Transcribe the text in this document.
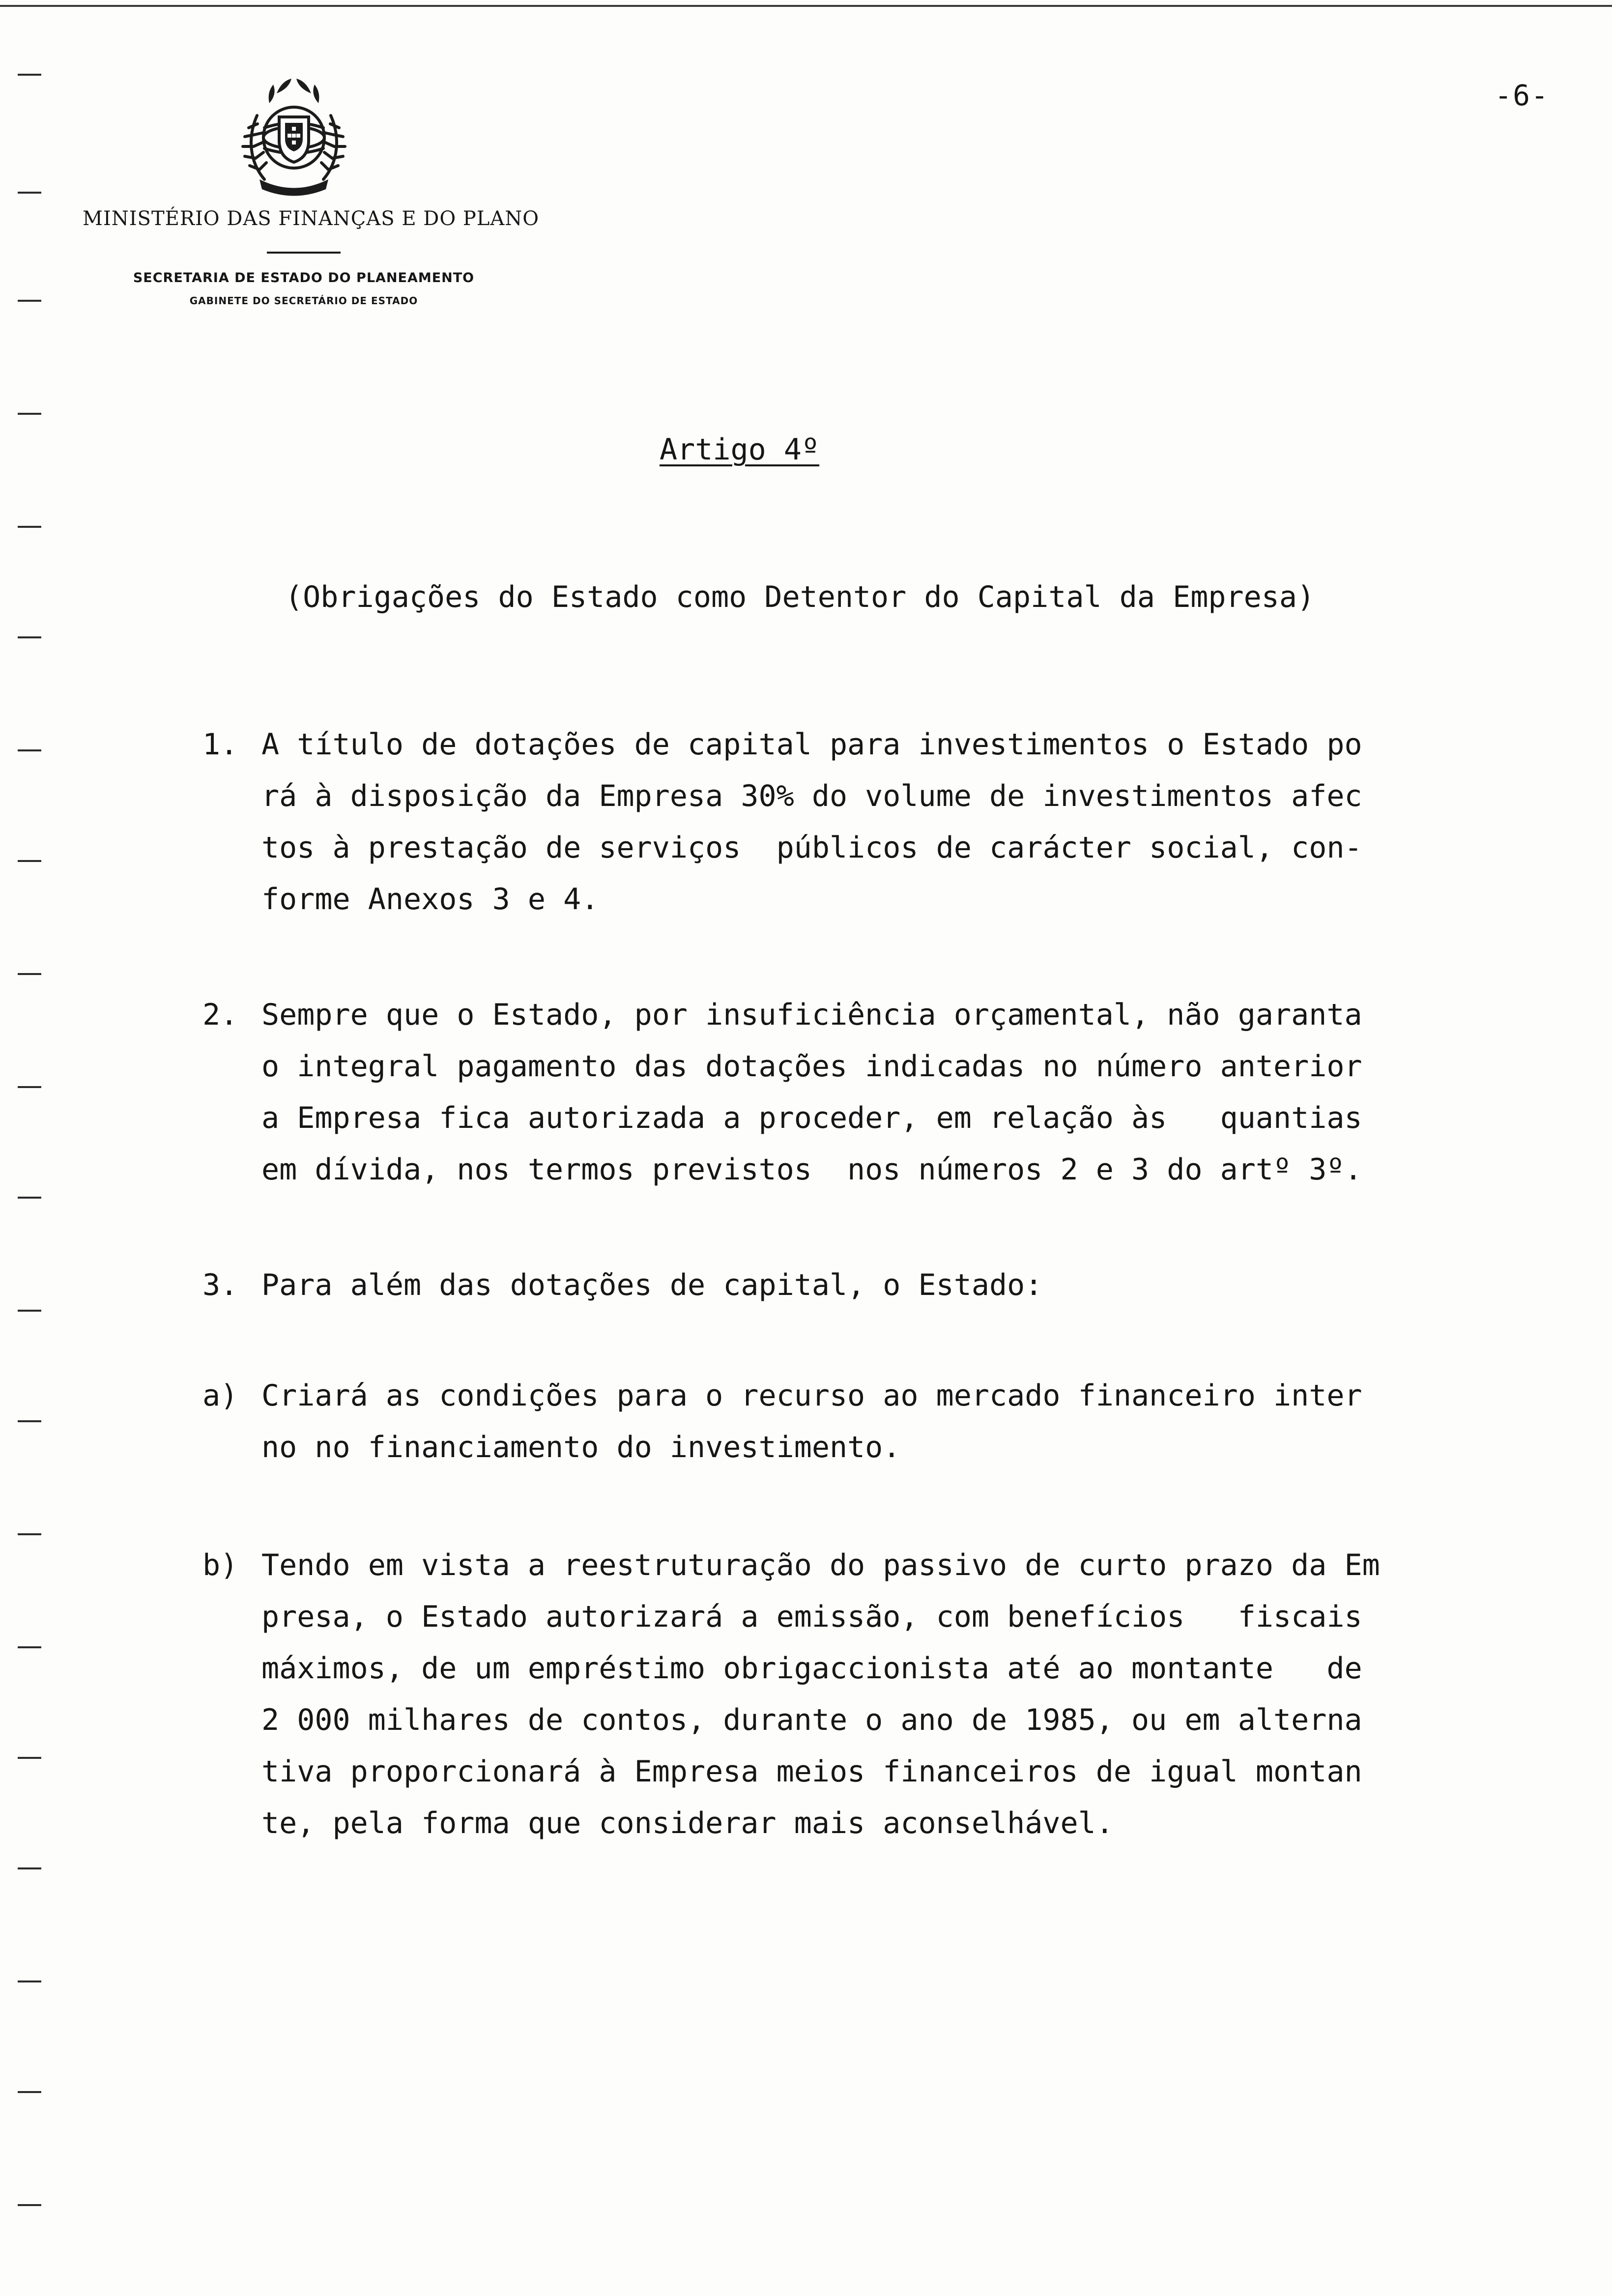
-6-
MINISTÉRIO DAS FINANÇAS E DO PLANO
SECRETARIA DE ESTADO DO PLANEAMENTO
GABINETE DO SECRETÁRIO DE ESTADO
Artigo 4º
(Obrigações do Estado como Detentor do Capital da Empresa)
1. A título de dotações de capital para investimentos o Estado po
rá à disposição da Empresa 30% do volume de investimentos afec
tos à prestação de serviços  públicos de carácter social, con-
forme Anexos 3 e 4.
2. Sempre que o Estado, por insuficiência orçamental, não garanta
o integral pagamento das dotações indicadas no número anterior
a Empresa fica autorizada a proceder, em relação às   quantias
em dívida, nos termos previstos  nos números 2 e 3 do artº 3º.
3. Para além das dotações de capital, o Estado:
a) Criará as condições para o recurso ao mercado financeiro inter
no no financiamento do investimento.
b) Tendo em vista a reestruturação do passivo de curto prazo da Em
presa, o Estado autorizará a emissão, com benefícios   fiscais
máximos, de um empréstimo obrigaccionista até ao montante   de
2 000 milhares de contos, durante o ano de 1985, ou em alterna
tiva proporcionará à Empresa meios financeiros de igual montan
te, pela forma que considerar mais aconselhável.
